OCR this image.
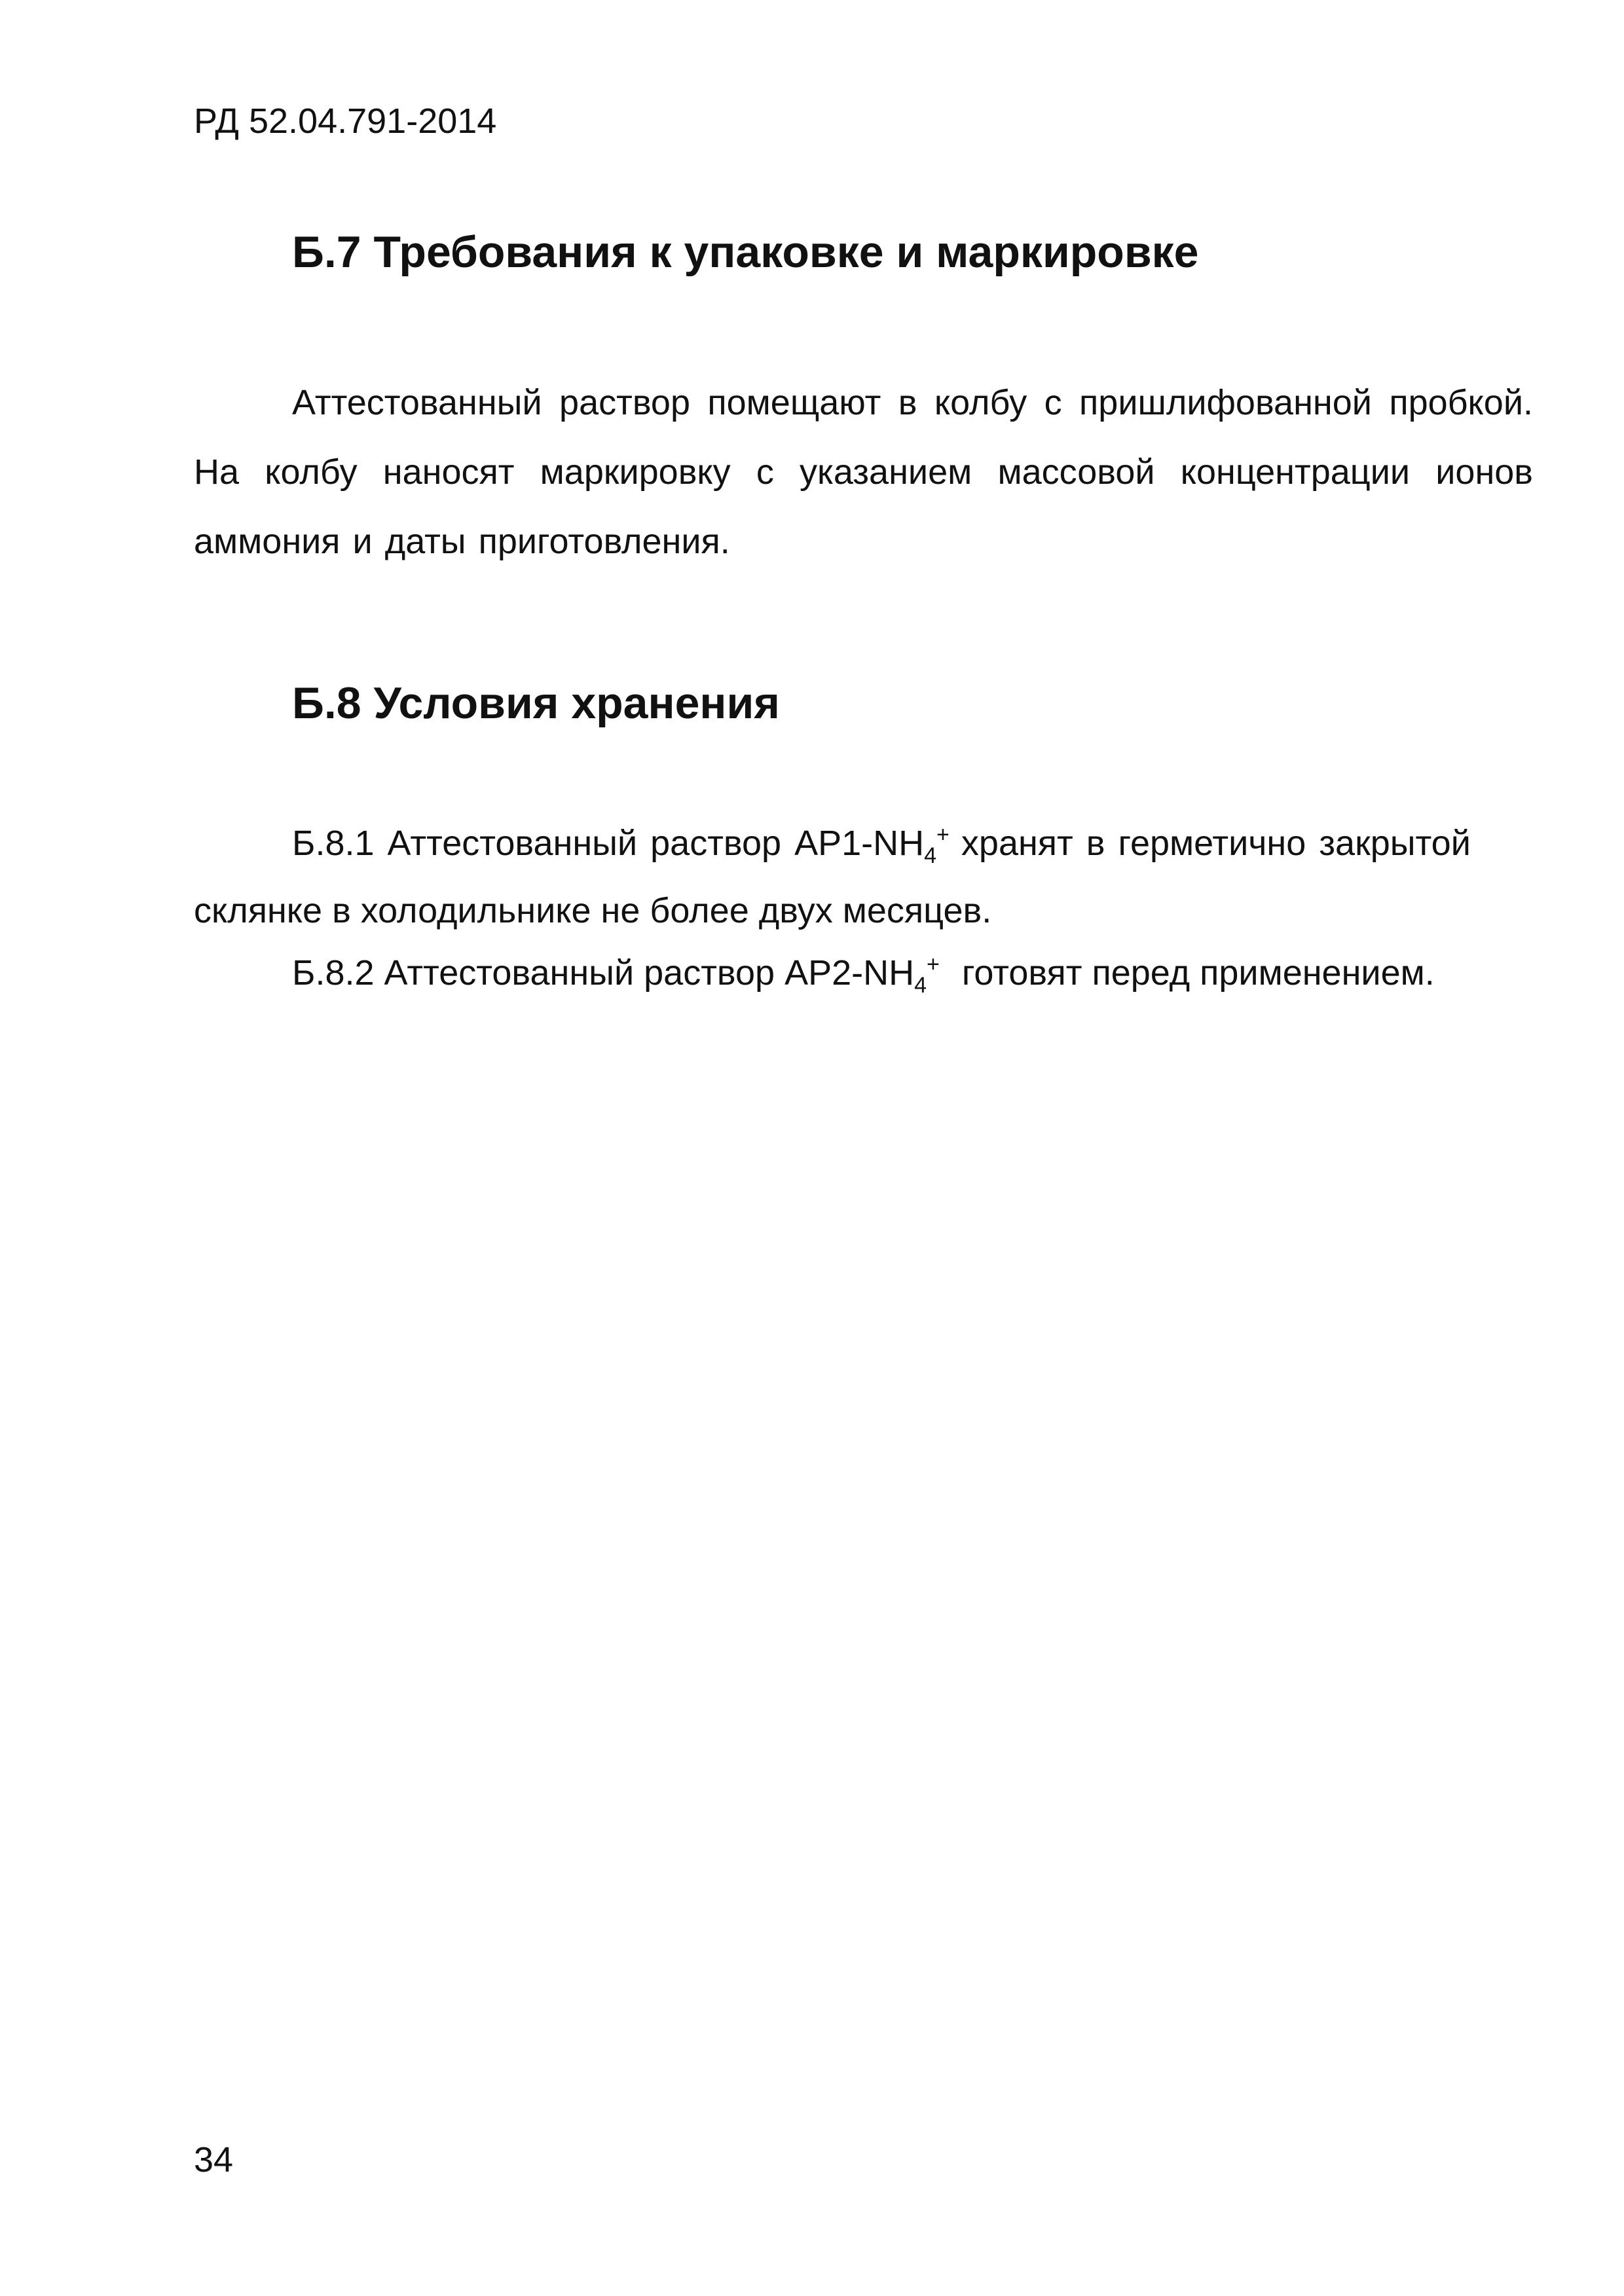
РД 52.04.791-2014
Б.7 Требования к упаковке и маркировке
Аттестованный раствор помещают в колбу с пришлифованной пробкой. На колбу наносят маркировку с указанием массовой концентрации ионов аммония и даты приготовления.
Б.8 Условия хранения
Б.8.1 Аттестованный раствор $АР1-NH_4^+$ хранят в герметично закрытой
склянке в холодильнике не более двух месяцев.
Б.8.2 Аттестованный раствор $АР2-NH_4^+$ готовят перед применением.
34
